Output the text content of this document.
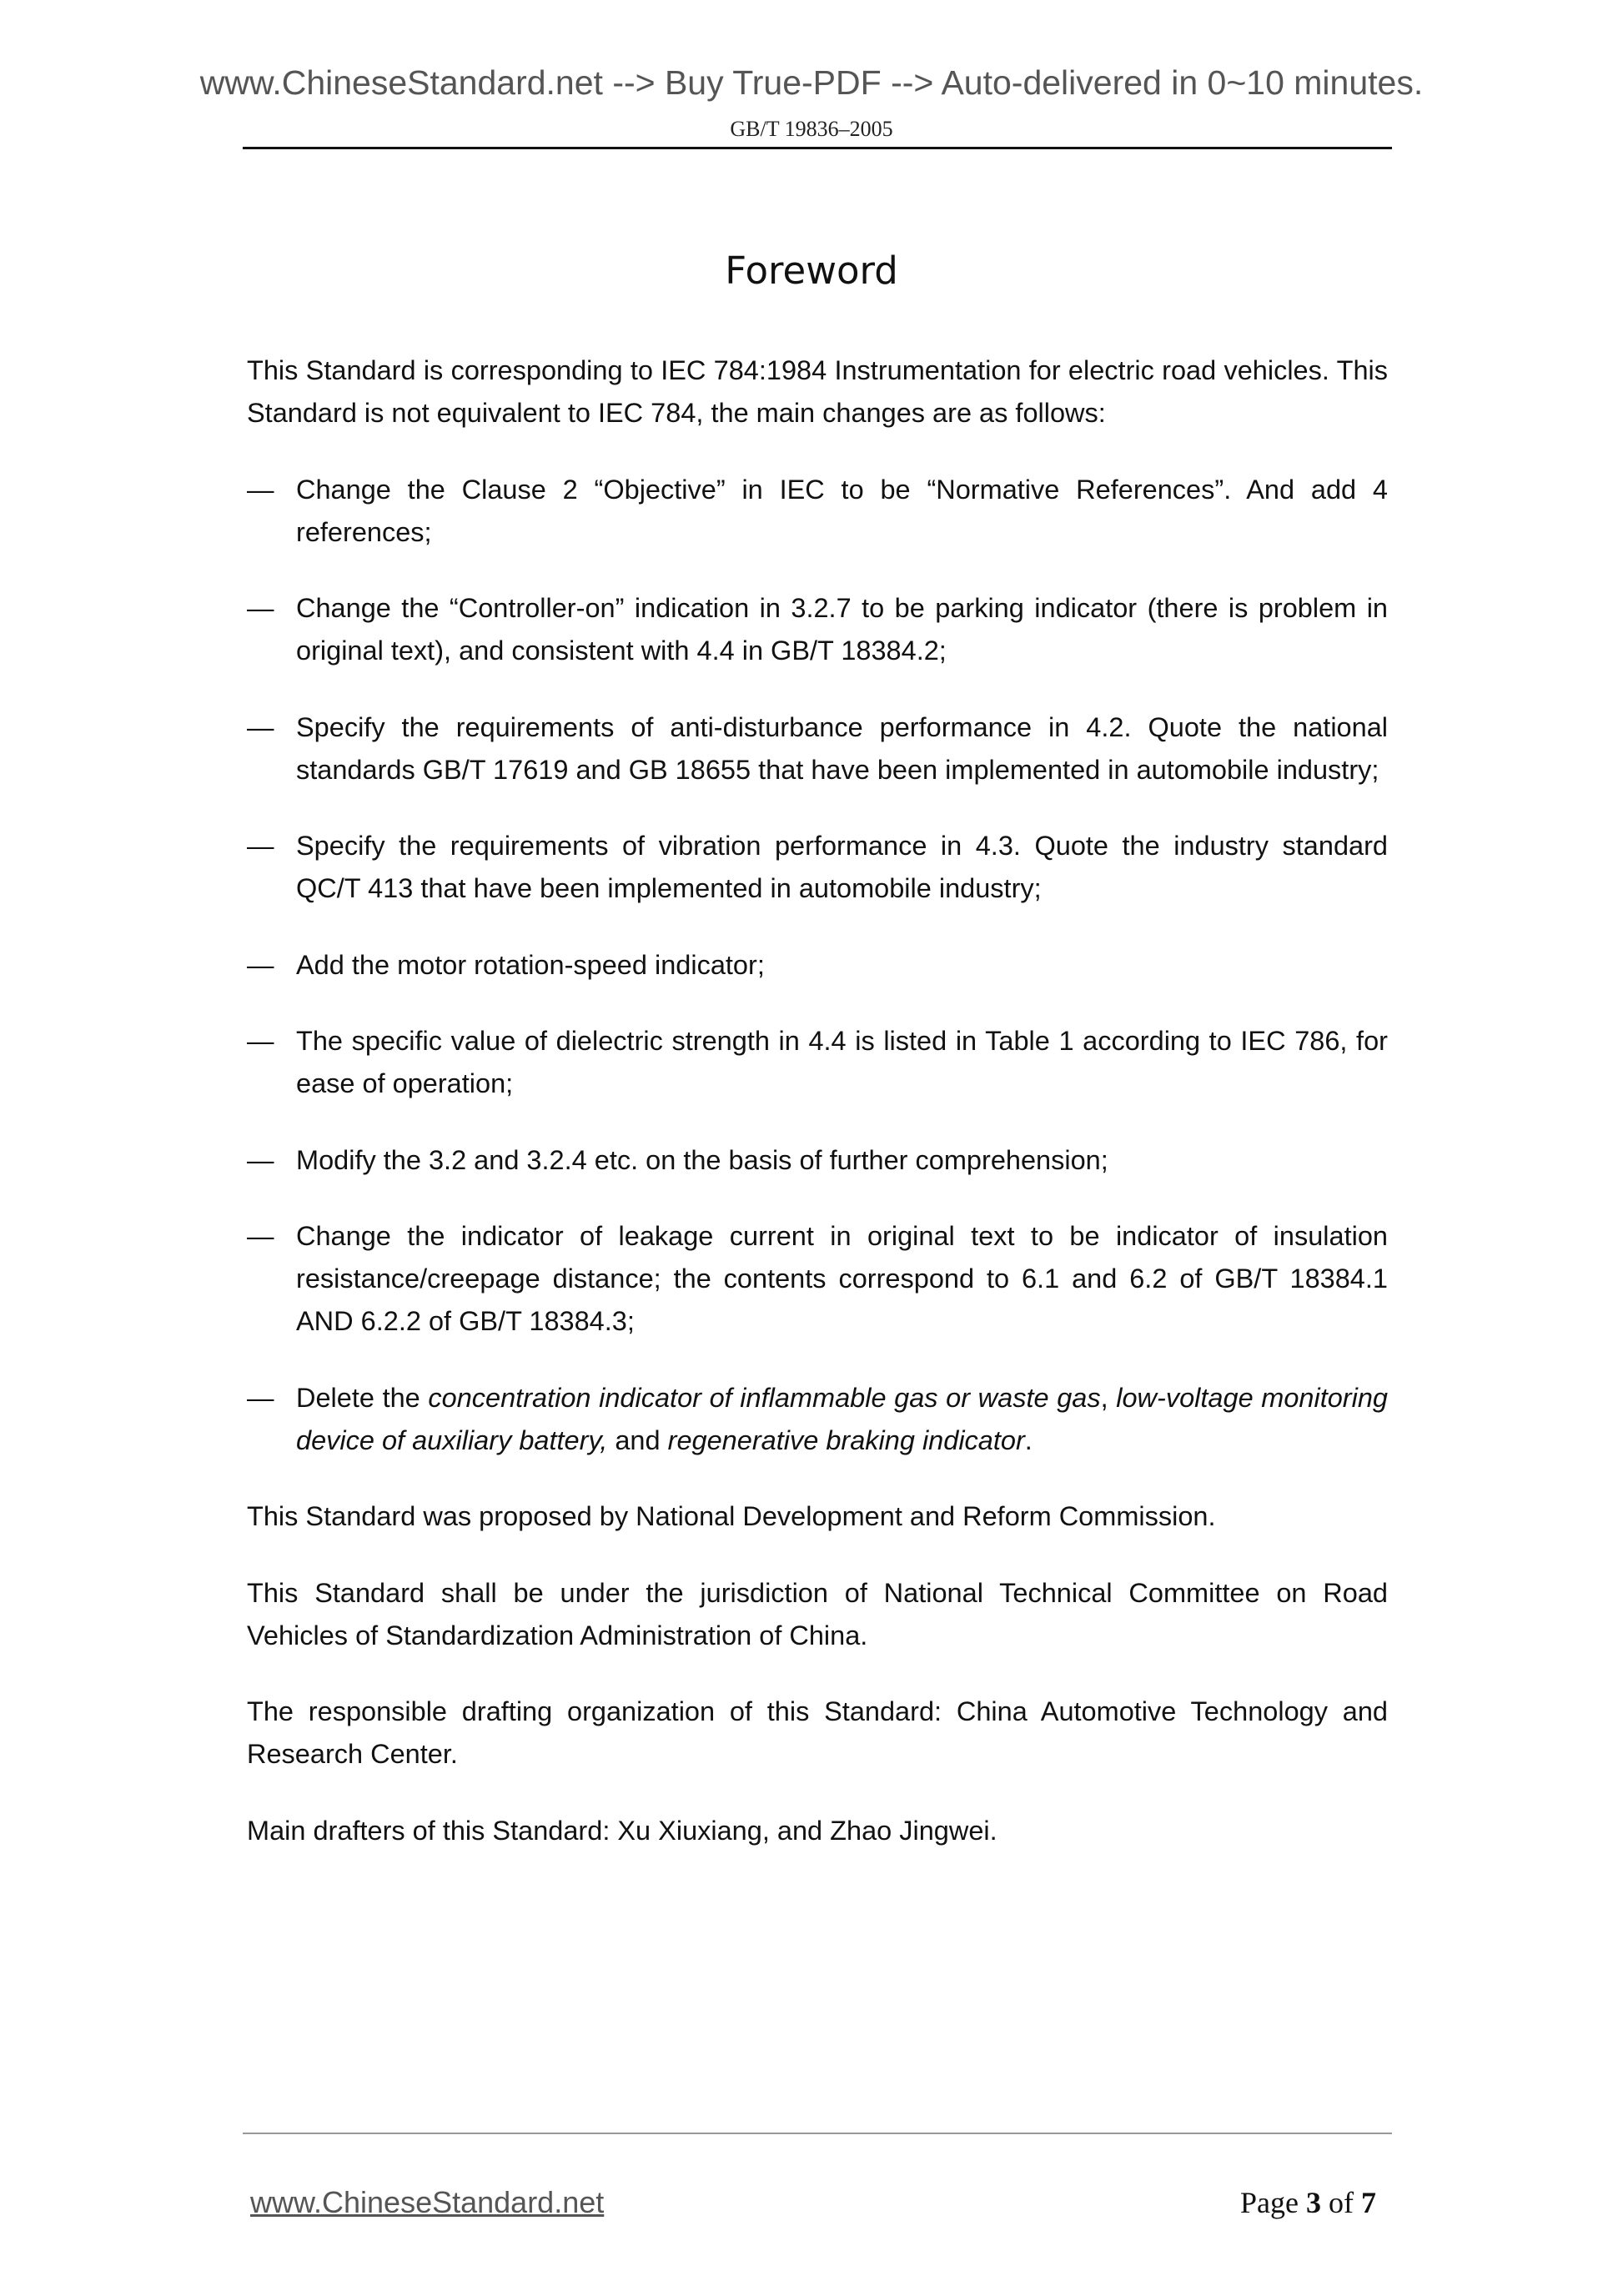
www.ChineseStandard.net --> Buy True-PDF --> Auto-delivered in 0~10 minutes.
GB/T 19836–2005
Foreword

This Standard is corresponding to IEC 784:1984 Instrumentation for electric road vehicles. This Standard is not equivalent to IEC 784, the main changes are as follows:

— Change the Clause 2 “Objective” in IEC to be “Normative References”. And add 4 references;
— Change the “Controller-on” indication in 3.2.7 to be parking indicator (there is problem in original text), and consistent with 4.4 in GB/T 18384.2;
— Specify the requirements of anti-disturbance performance in 4.2. Quote the national standards GB/T 17619 and GB 18655 that have been implemented in automobile industry;
— Specify the requirements of vibration performance in 4.3. Quote the industry standard QC/T 413 that have been implemented in automobile industry;
— Add the motor rotation-speed indicator;
— The specific value of dielectric strength in 4.4 is listed in Table 1 according to IEC 786, for ease of operation;
— Modify the 3.2 and 3.2.4 etc. on the basis of further comprehension;
— Change the indicator of leakage current in original text to be indicator of insulation resistance/creepage distance; the contents correspond to 6.1 and 6.2 of GB/T 18384.1 AND 6.2.2 of GB/T 18384.3;
— Delete the concentration indicator of inflammable gas or waste gas, low-voltage monitoring device of auxiliary battery, and regenerative braking indicator.

This Standard was proposed by National Development and Reform Commission.

This Standard shall be under the jurisdiction of National Technical Committee on Road Vehicles of Standardization Administration of China.

The responsible drafting organization of this Standard: China Automotive Technology and Research Center.

Main drafters of this Standard: Xu Xiuxiang, and Zhao Jingwei.

www.ChineseStandard.net	Page 3 of 7
